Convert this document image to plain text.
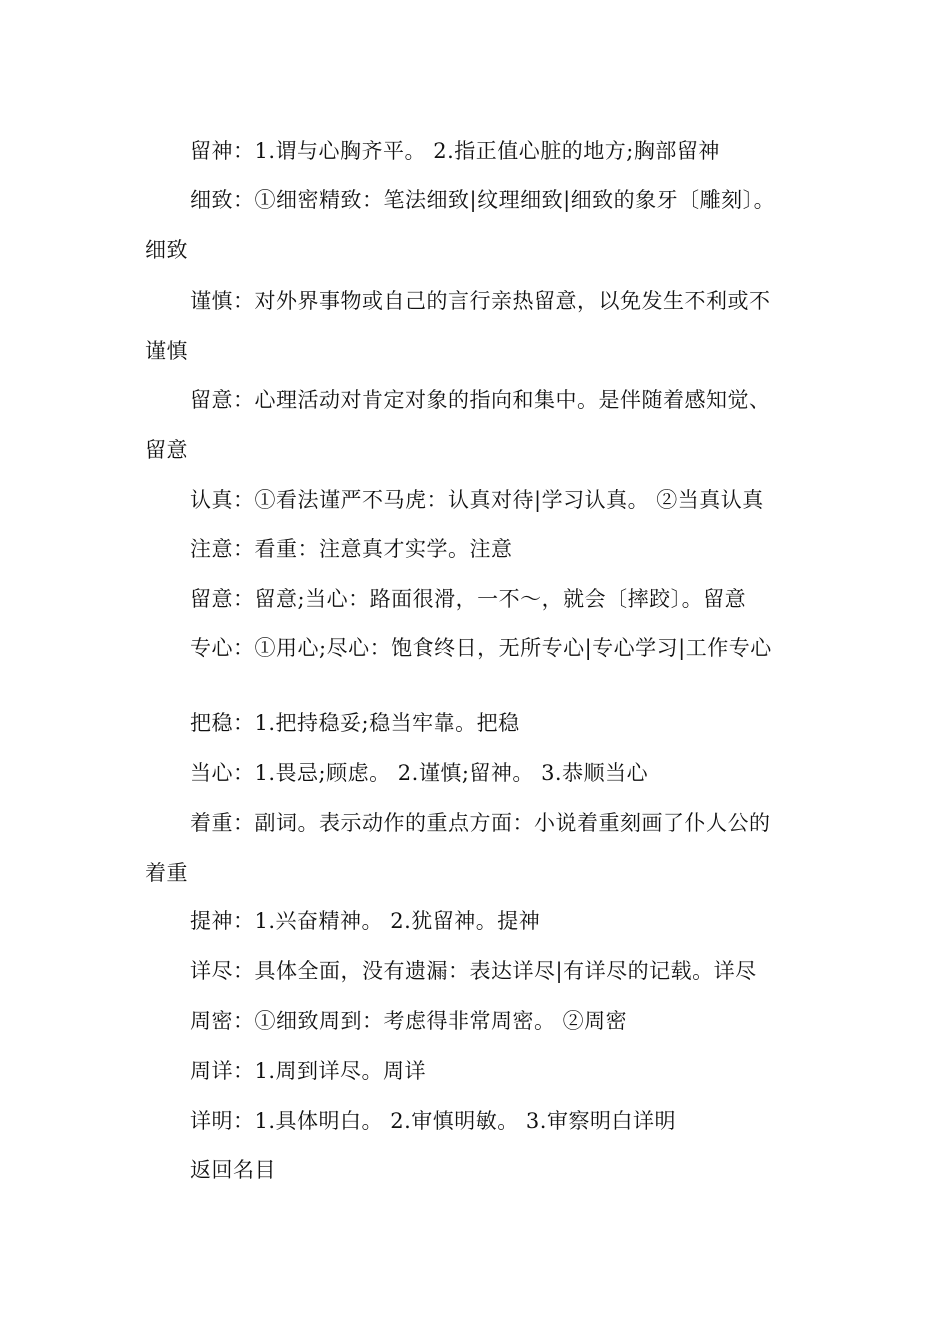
留神：1.谓与心胸齐平。 2.指正值心脏的地方;胸部留神
细致：①细密精致：笔法细致|纹理细致|细致的象牙〔雕刻〕。
细致
谨慎：对外界事物或自己的言行亲热留意，以免发生不利或不
谨慎
留意：心理活动对肯定对象的指向和集中。是伴随着感知觉、
留意
认真：①看法谨严不马虎：认真对待|学习认真。 ②当真认真
注意：看重：注意真才实学。注意
留意：留意;当心：路面很滑，一不～，就会〔摔跤〕。留意
专心：①用心;尽心：饱食终日，无所专心|专心学习|工作专心
把稳：1.把持稳妥;稳当牢靠。把稳
当心：1.畏忌;顾虑。 2.谨慎;留神。 3.恭顺当心
着重：副词。表示动作的重点方面：小说着重刻画了仆人公的
着重
提神：1.兴奋精神。 2.犹留神。提神
详尽：具体全面，没有遗漏：表达详尽|有详尽的记载。详尽
周密：①细致周到：考虑得非常周密。 ②周密
周详：1.周到详尽。周详
详明：1.具体明白。 2.审慎明敏。 3.审察明白详明
返回名目
